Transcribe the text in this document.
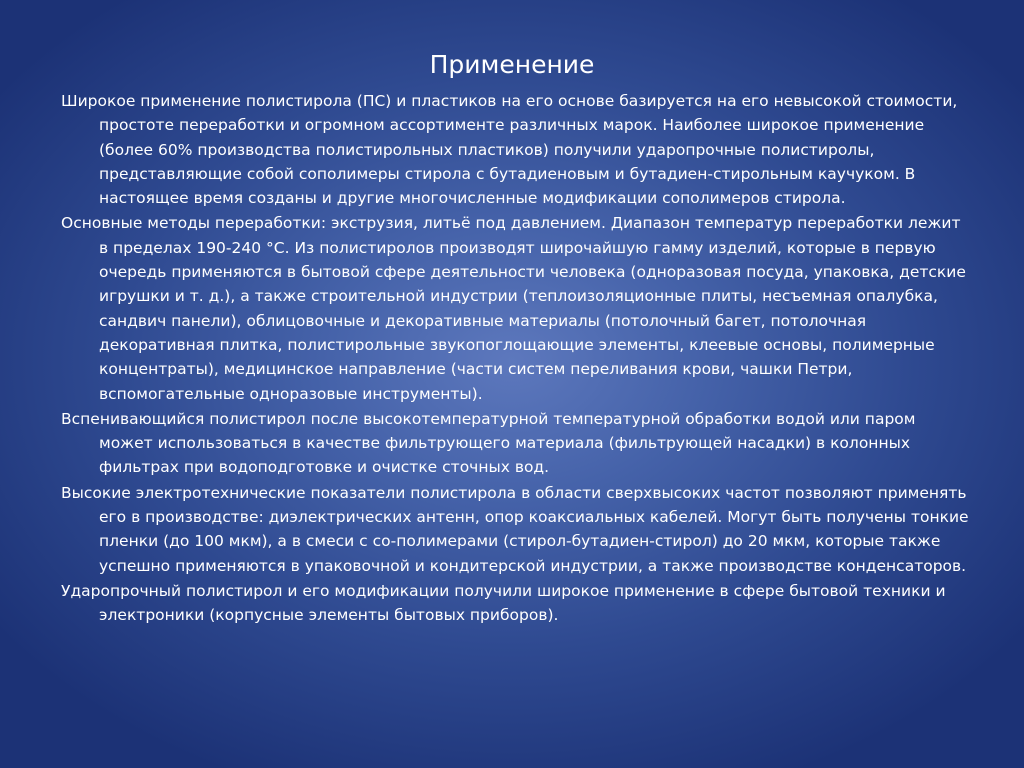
Применение

Широкое применение полистирола (ПС) и пластиков на его основе базируется на его невысокой стоимости, простоте переработки и огромном ассортименте различных марок. Наиболее широкое применение (более 60% производства полистирольных пластиков) получили ударопрочные полистиролы, представляющие собой сополимеры стирола с бутадиеновым и бутадиен-стирольным каучуком. В настоящее время созданы и другие многочисленные модификации сополимеров стирола.

Основные методы переработки: экструзия, литьё под давлением. Диапазон температур переработки лежит в пределах 190-240 °С. Из полистиролов производят широчайшую гамму изделий, которые в первую очередь применяются в бытовой сфере деятельности человека (одноразовая посуда, упаковка, детские игрушки и т. д.), а также строительной индустрии (теплоизоляционные плиты, несъемная опалубка, сандвич панели), облицовочные и декоративные материалы (потолочный багет, потолочная декоративная плитка, полистирольные звукопоглощающие элементы, клеевые основы, полимерные концентраты), медицинское направление (части систем переливания крови, чашки Петри, вспомогательные одноразовые инструменты).

Вспенивающийся полистирол после высокотемпературной температурной обработки водой или паром может использоваться в качестве фильтрующего материала (фильтрующей насадки) в колонных фильтрах при водоподготовке и очистке сточных вод.

Высокие электротехнические показатели полистирола в области сверхвысоких частот позволяют применять его в производстве: диэлектрических антенн, опор коаксиальных кабелей. Могут быть получены тонкие пленки (до 100 мкм), а в смеси с со-полимерами (стирол-бутадиен-стирол) до 20 мкм, которые также успешно применяются в упаковочной и кондитерской индустрии, а также производстве конденсаторов.

Ударопрочный полистирол и его модификации получили широкое применение в сфере бытовой техники и электроники (корпусные элементы бытовых приборов).
